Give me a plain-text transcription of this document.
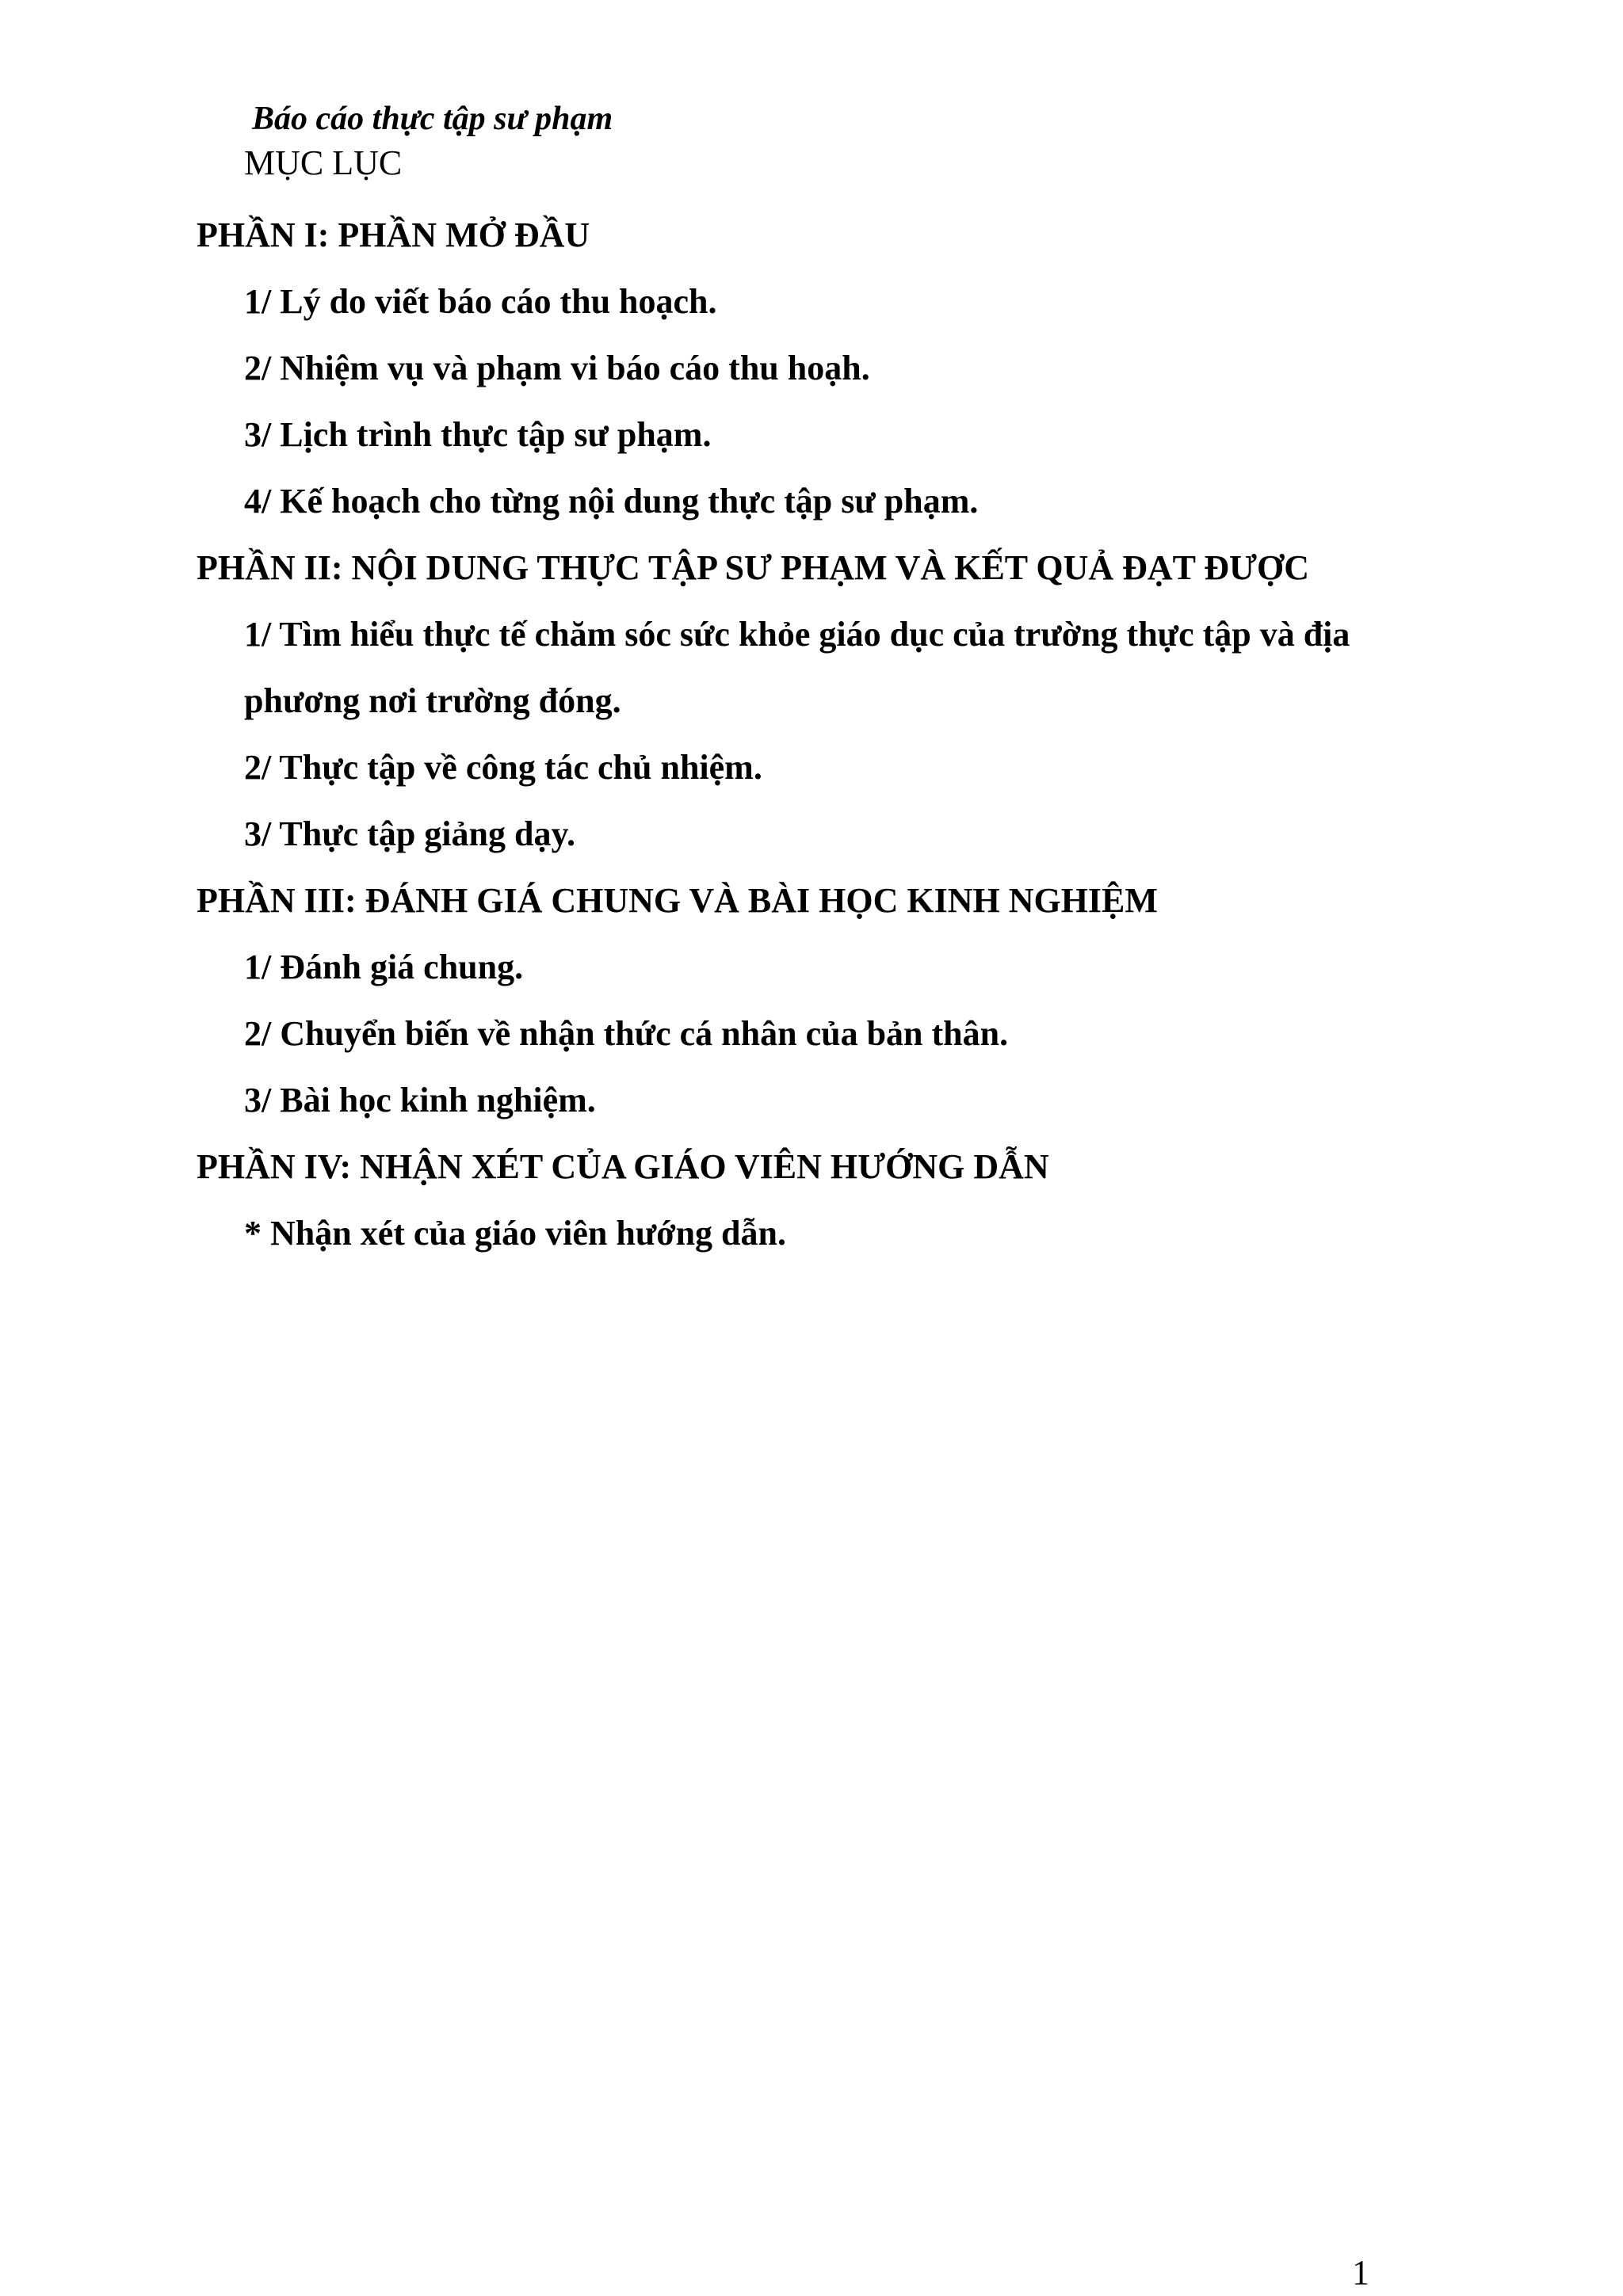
Báo cáo thực tập sư phạm
MỤC LỤC
PHẦN I: PHẦN MỞ ĐẦU
1/ Lý do viết báo cáo thu hoạch.
2/ Nhiệm vụ và phạm vi báo cáo thu hoạh.
3/ Lịch trình thực tập sư phạm.
4/ Kế hoạch cho từng nội dung thực tập sư phạm.
PHẦN II: NỘI DUNG THỰC TẬP SƯ PHẠM VÀ KẾT QUẢ ĐẠT ĐƯỢC
1/ Tìm hiểu thực tế chăm sóc sức khỏe giáo dục của trường thực tập và địa
phương nơi trường đóng.
2/ Thực tập về công tác chủ nhiệm.
3/ Thực tập giảng dạy.
PHẦN III: ĐÁNH GIÁ CHUNG VÀ BÀI HỌC KINH NGHIỆM
1/ Đánh giá chung.
2/ Chuyển biến về nhận thức cá nhân của bản thân.
3/ Bài học kinh nghiệm.
PHẦN IV: NHẬN XÉT CỦA GIÁO VIÊN HƯỚNG DẪN
* Nhận xét của giáo viên hướng dẫn.
1
